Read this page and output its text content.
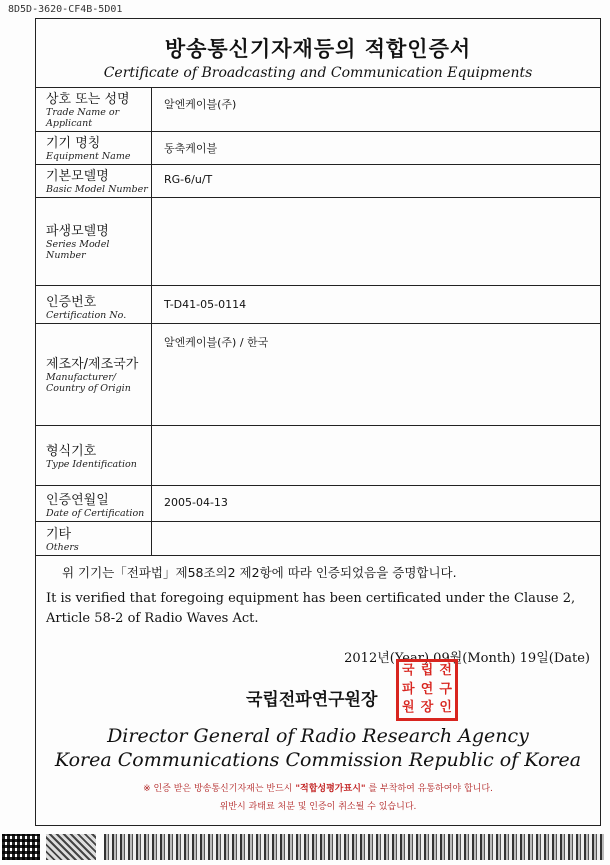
8D5D-3620-CF4B-5D01
방송통신기자재등의 적합인증서
Certificate of Broadcasting and Communication Equipments
상호 또는 성명
Trade Name or Applicant	알엔케이블(주)

기기 명칭
Equipment Name	동축케이블

기본모델명
Basic Model Number	RG-6/u/T

파생모델명
Series Model Number	

인증번호
Certification No.	T-D41-05-0114

제조자/제조국가
Manufacturer/ Country of Origin	알엔케이블(주) / 한국

형식기호
Type Identification	

인증연월일
Date of Certification	2005-04-13

기타
Others	

위 기기는「전파법」제58조의2 제2항에 따라 인증되었음을 증명합니다.
It is verified that foregoing equipment has been certificated under the Clause 2, Article 58-2 of Radio Waves Act.
2012년(Year) 09월(Month) 19일(Date)
국립전파연구원장
국 립 전
파 연 구
원 장 인
Director General of Radio Research Agency
Korea Communications Commission Republic of Korea
※ 인증 받은 방송통신기자재는 반드시 "적합성평가표시" 를 부착하여 유통하여야 합니다.
위반시 과태료 처분 및 인증이 취소될 수 있습니다.
